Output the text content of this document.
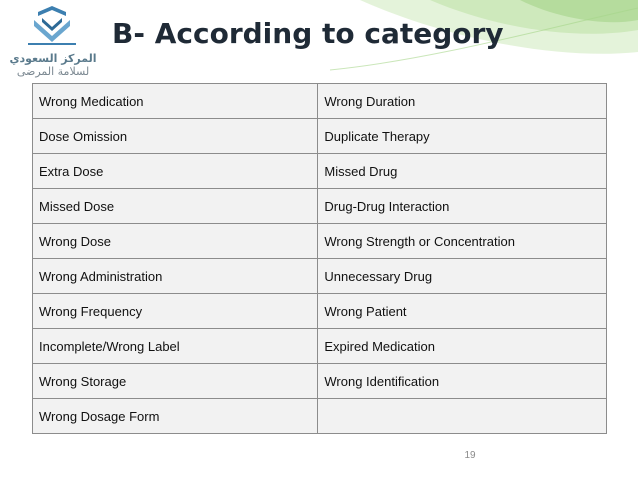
المركز السعودي
لسلامة المرضى
B- According to category
Wrong Medication	Wrong Duration
Dose Omission	Duplicate Therapy
Extra Dose	Missed Drug
Missed Dose	Drug-Drug Interaction
Wrong Dose	Wrong Strength or Concentration
Wrong Administration	Unnecessary Drug
Wrong Frequency	Wrong Patient
Incomplete/Wrong Label	Expired Medication
Wrong Storage	Wrong Identification
Wrong Dosage Form	
19
